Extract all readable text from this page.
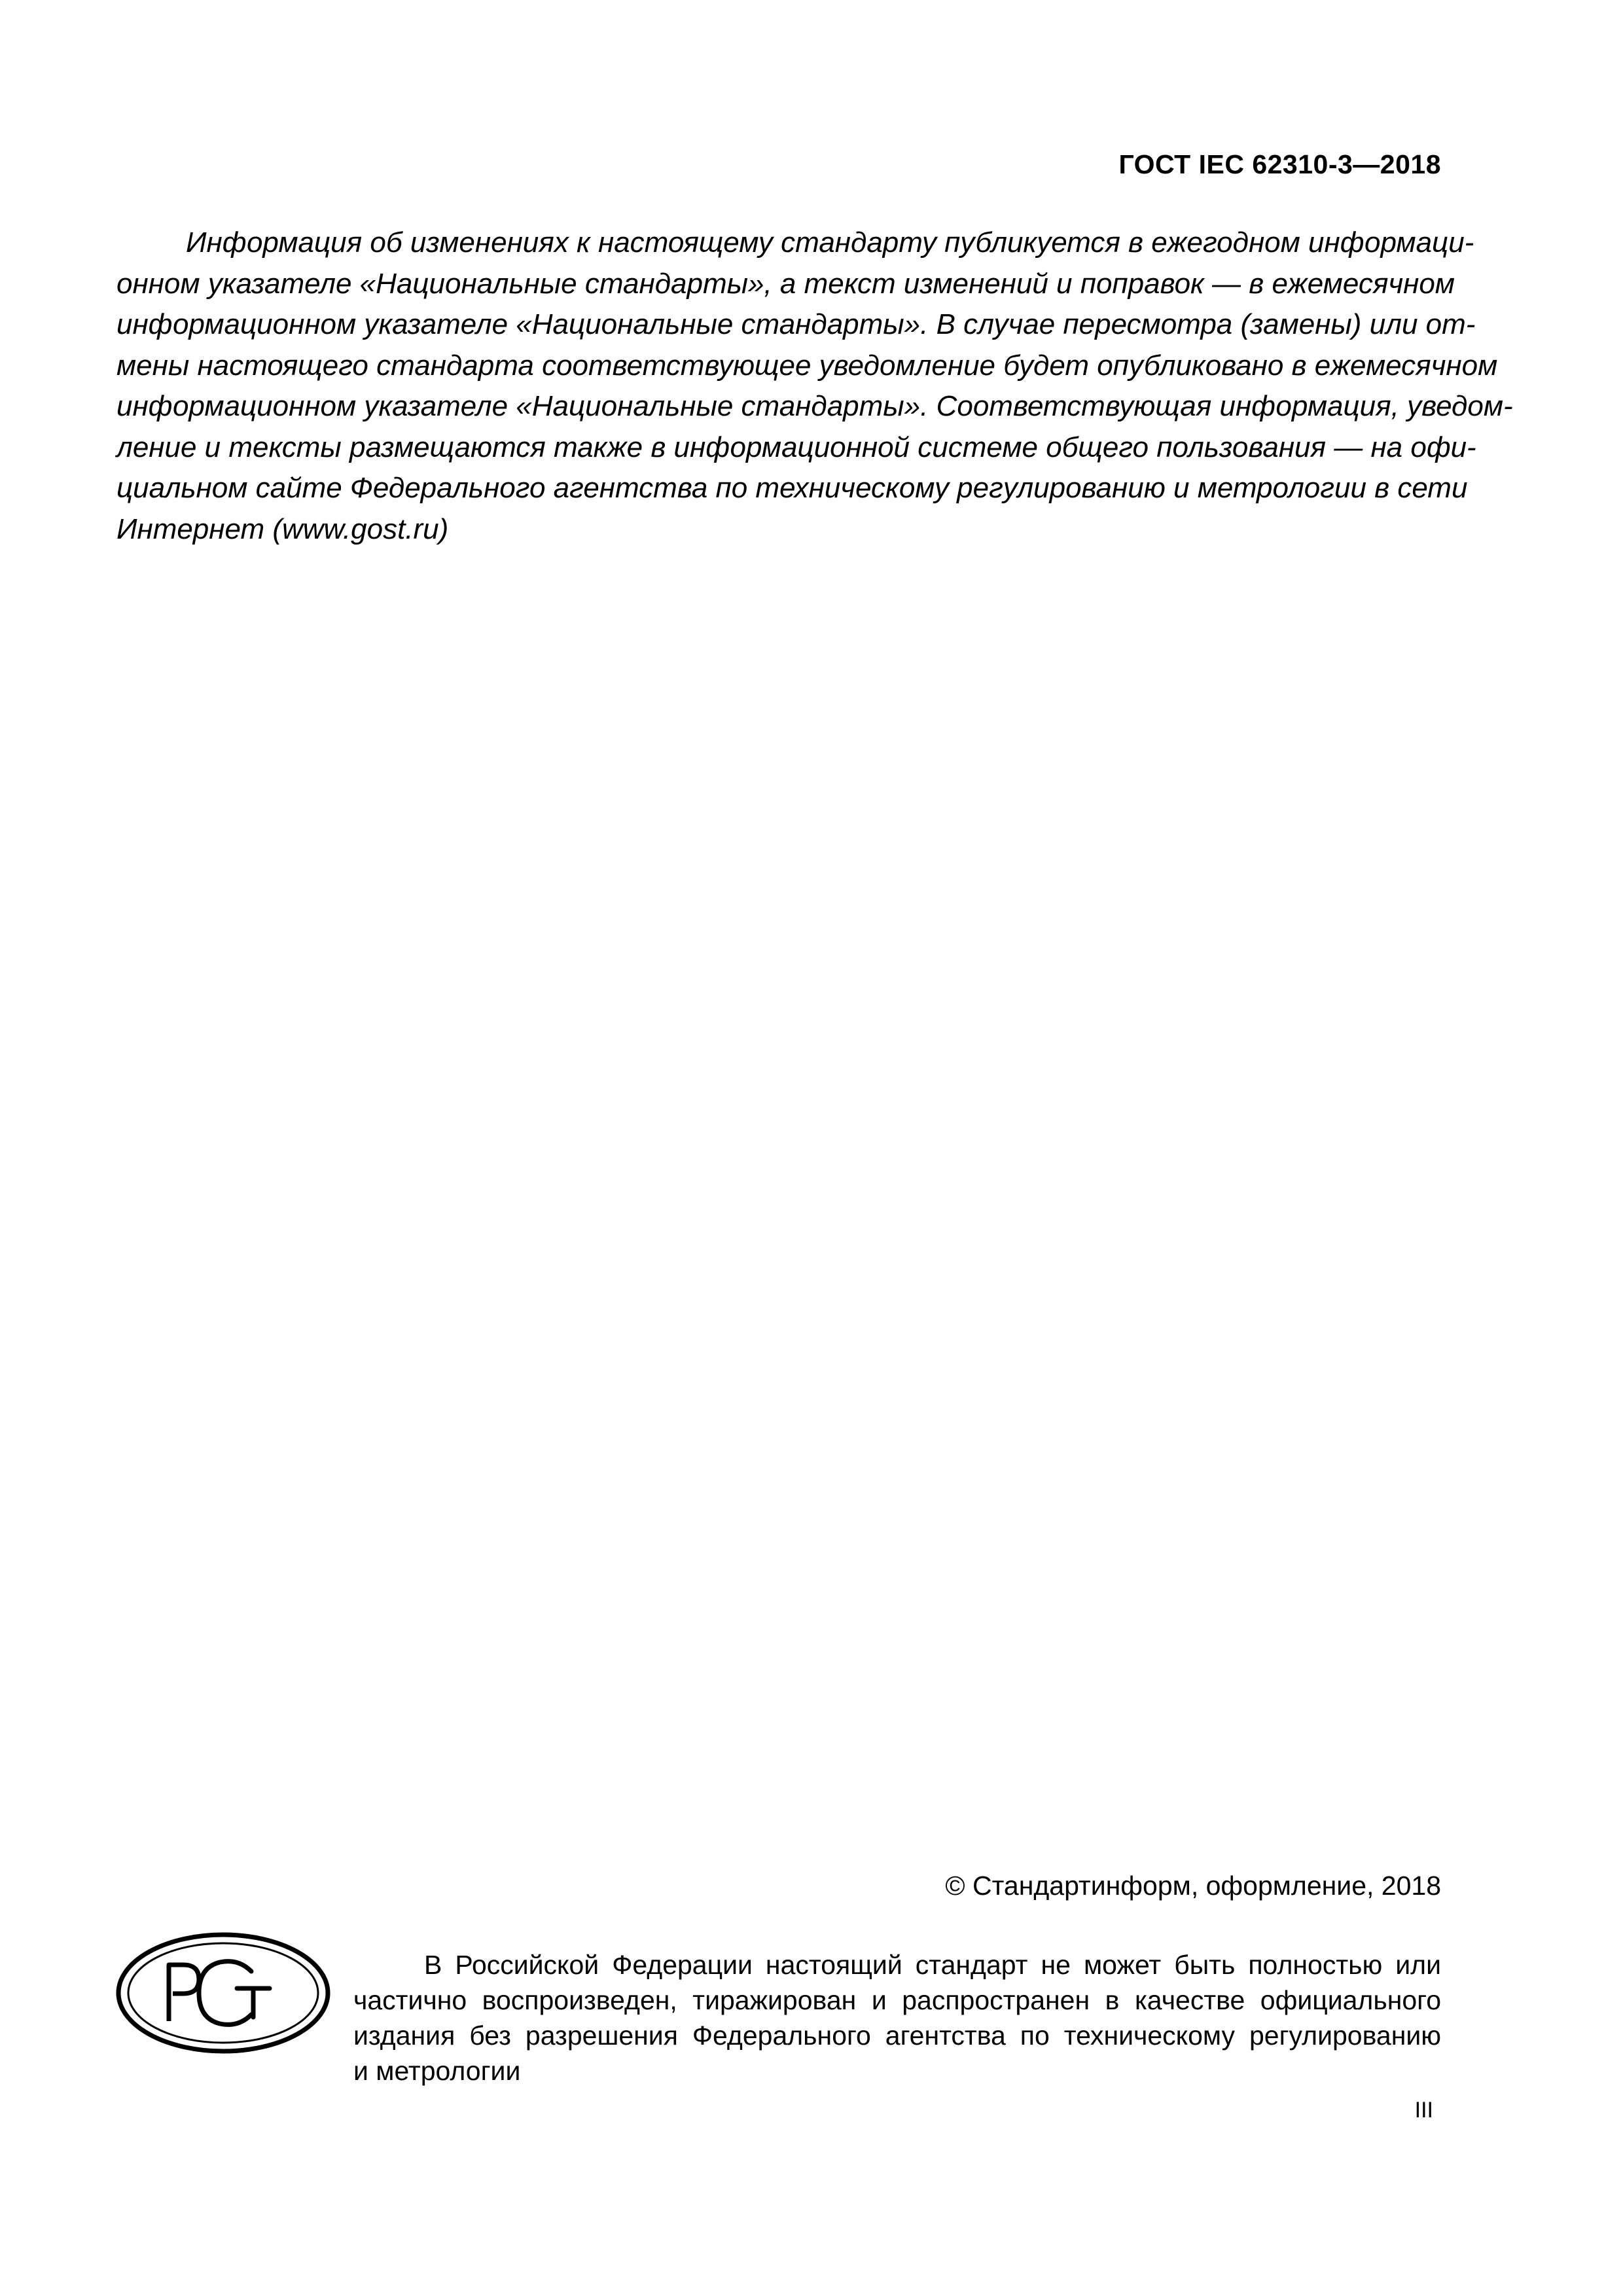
ГОСТ IEC 62310-3—2018
Информация об изменениях к настоящему стандарту публикуется в ежегодном информаци-
онном указателе «Национальные стандарты», а текст изменений и поправок — в ежемесячном
информационном указателе «Национальные стандарты». В случае пересмотра (замены) или от-
мены настоящего стандарта соответствующее уведомление будет опубликовано в ежемесячном
информационном указателе «Национальные стандарты». Соответствующая информация, уведом-
ление и тексты размещаются также в информационной системе общего пользования — на офи-
циальном сайте Федерального агентства по техническому регулированию и метрологии в сети
Интернет (www.gost.ru)
© Стандартинформ, оформление, 2018
В Российской Федерации настоящий стандарт не может быть полностью или
частично воспроизведен, тиражирован и распространен в качестве официального
издания без разрешения Федерального агентства по техническому регулированию
и метрологии
III
